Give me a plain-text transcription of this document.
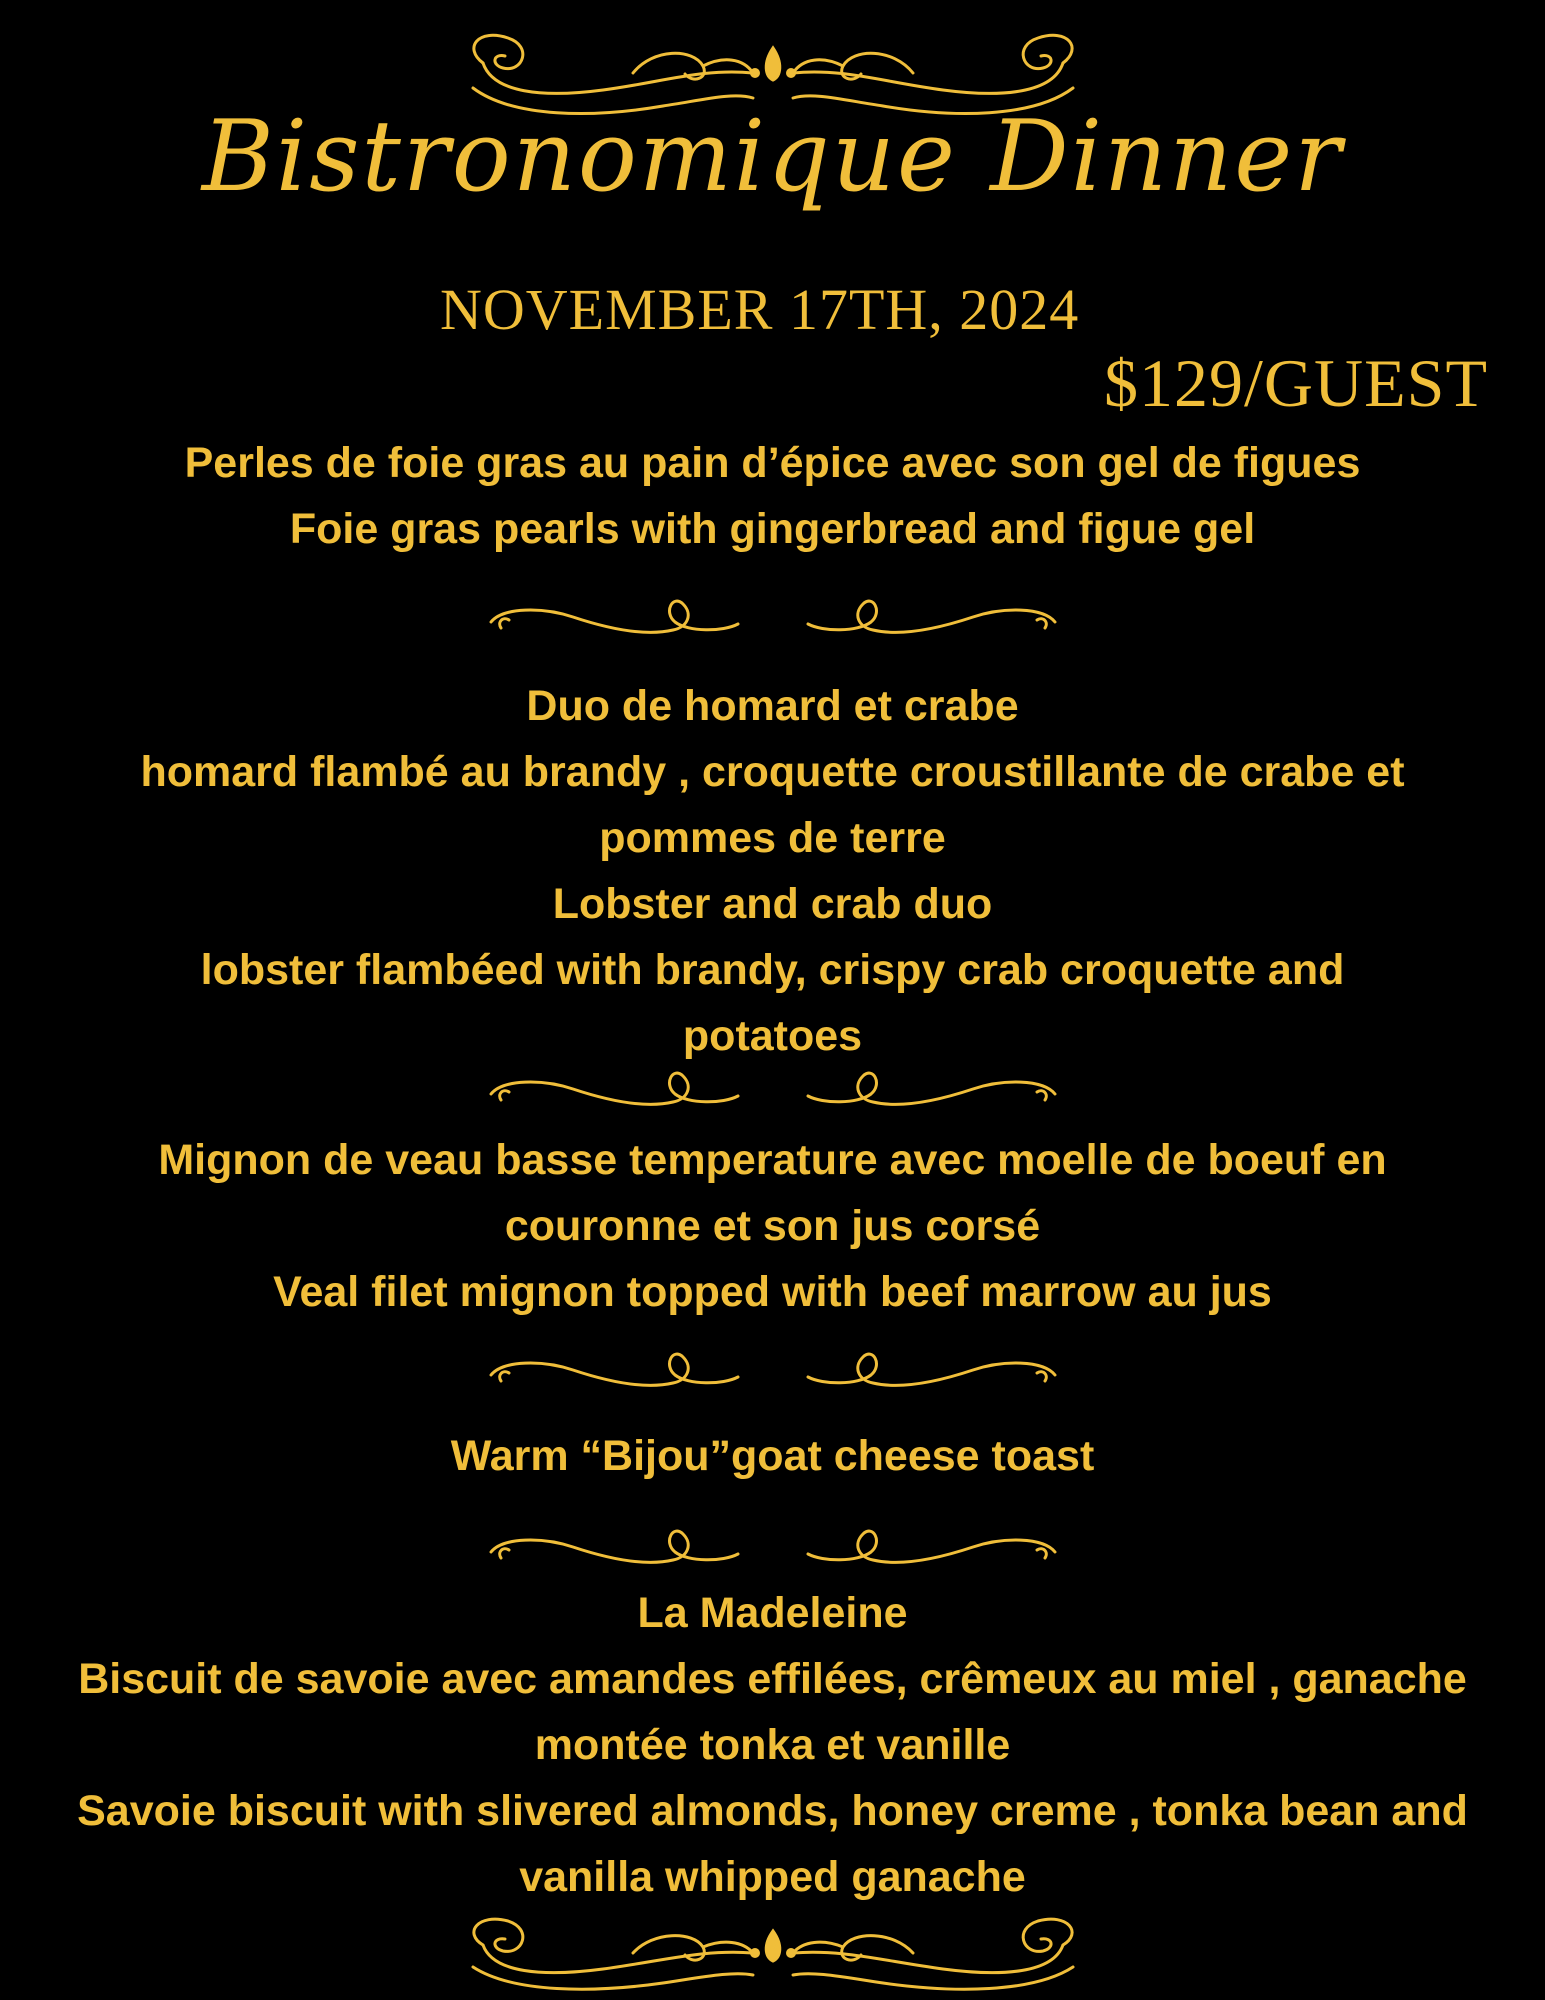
Bistronomique Dinner
NOVEMBER 17TH, 2024
$129/GUEST
Perles de foie gras au pain d’épice avec son gel de figues
Foie gras pearls with gingerbread and figue gel
Duo de homard et crabe
homard flambé au brandy , croquette croustillante de crabe et
pommes de terre
Lobster and crab duo
lobster flambéed with brandy, crispy crab croquette and
potatoes
Mignon de veau basse temperature avec moelle de boeuf en
couronne et son jus corsé
Veal filet mignon topped with beef marrow au jus
Warm “Bijou”goat cheese toast
La Madeleine
Biscuit de savoie avec amandes effilées, crêmeux au miel , ganache
montée tonka et vanille
Savoie biscuit with slivered almonds, honey creme , tonka bean and
vanilla whipped ganache
